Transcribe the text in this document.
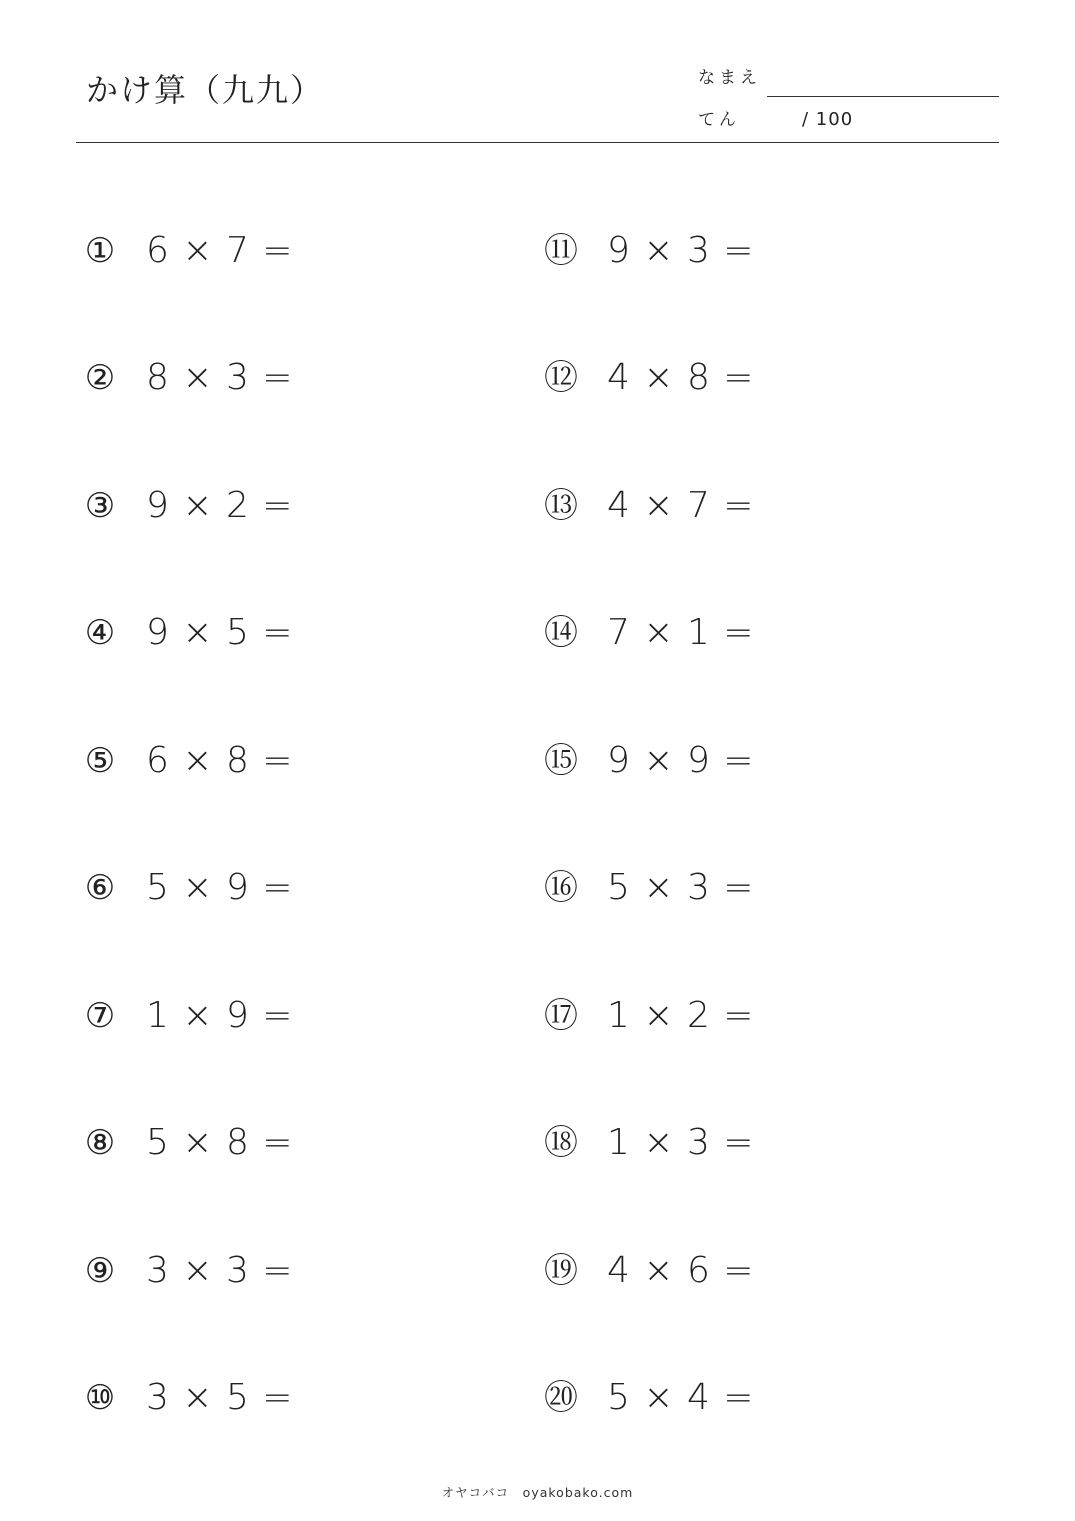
かけ算（九九）	なまえ
てん	/ 100
① 6 × 7 =
② 8 × 3 =
③ 9 × 2 =
④ 9 × 5 =
⑤ 6 × 8 =
⑥ 5 × 9 =
⑦ 1 × 9 =
⑧ 5 × 8 =
⑨ 3 × 3 =
⑩ 3 × 5 =
⑪ 9 × 3 =
⑫ 4 × 8 =
⑬ 4 × 7 =
⑭ 7 × 1 =
⑮ 9 × 9 =
⑯ 5 × 3 =
⑰ 1 × 2 =
⑱ 1 × 3 =
⑲ 4 × 6 =
⑳ 5 × 4 =
オヤコバコ　oyakobako.com
